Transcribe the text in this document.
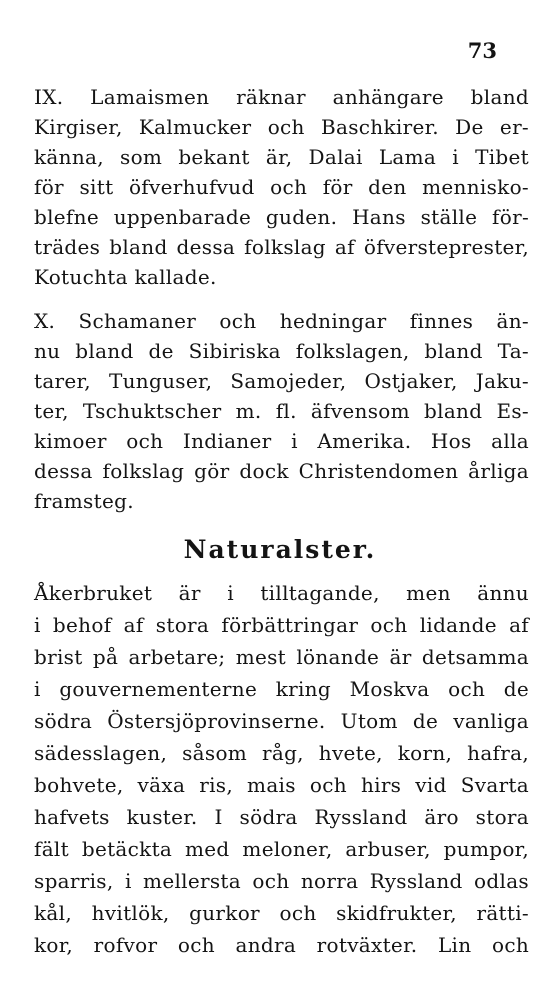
73
IX. Lamaismen räknar anhängare bland
Kirgiser, Kalmucker och Baschkirer. De er-
känna, som bekant är, Dalai Lama i Tibet
för sitt öfverhufvud och för den mennisko-
blefne uppenbarade guden. Hans ställe för-
trädes bland dessa folkslag af öfversteprester,
Kotuchta kallade.
X. Schamaner och hedningar finnes än-
nu bland de Sibiriska folkslagen, bland Ta-
tarer, Tunguser, Samojeder, Ostjaker, Jaku-
ter, Tschuktscher m. fl. äfvensom bland Es-
kimoer och Indianer i Amerika. Hos alla
dessa folkslag gör dock Christendomen årliga
framsteg.
Naturalster.
Åkerbruket är i tilltagande, men ännu
i behof af stora förbättringar och lidande af
brist på arbetare; mest lönande är detsamma
i gouvernementerne kring Moskva och de
södra Östersjöprovinserne. Utom de vanliga
sädesslagen, såsom råg, hvete, korn, hafra,
bohvete, växa ris, mais och hirs vid Svarta
hafvets kuster. I södra Ryssland äro stora
fält betäckta med meloner, arbuser, pumpor,
sparris, i mellersta och norra Ryssland odlas
kål, hvitlök, gurkor och skidfrukter, rätti-
kor, rofvor och andra rotväxter. Lin och
